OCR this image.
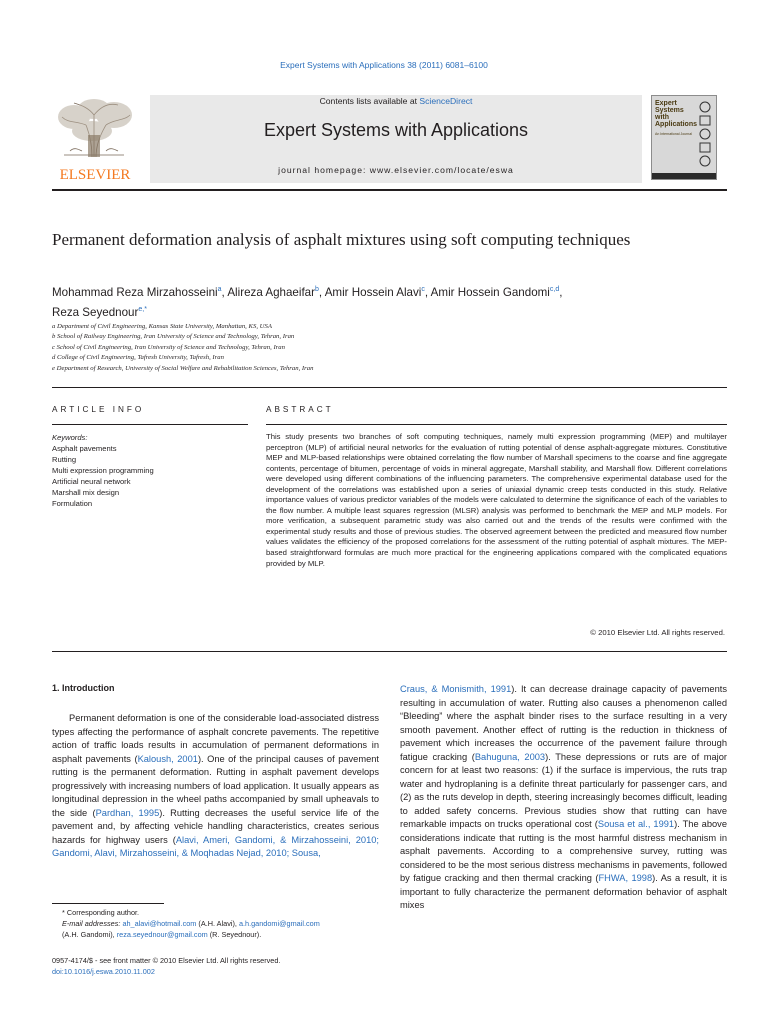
Expert Systems with Applications 38 (2011) 6081–6100
ELSEVIER
Contents lists available at ScienceDirect
Expert Systems with Applications
journal homepage: www.elsevier.com/locate/eswa
Expert Systems with Applications
An International Journal
Permanent deformation analysis of asphalt mixtures using soft computing techniques
Mohammad Reza Mirzahosseini$^a$, Alireza Aghaeifar$^b$, Amir Hossein Alavi$^c$, Amir Hossein Gandomi$^{c,d}$,
Reza Seyednour$^{e,*}$
a Department of Civil Engineering, Kansas State University, Manhattan, KS, USA
b School of Railway Engineering, Iran University of Science and Technology, Tehran, Iran
c School of Civil Engineering, Iran University of Science and Technology, Tehran, Iran
d College of Civil Engineering, Tafresh University, Tafresh, Iran
e Department of Research, University of Social Welfare and Rehabilitation Sciences, Tehran, Iran
ARTICLE INFO	ABSTRACT
Keywords:
Asphalt pavements
Rutting
Multi expression programming
Artificial neural network
Marshall mix design
Formulation
This study presents two branches of soft computing techniques, namely multi expression programming (MEP) and multilayer perceptron (MLP) of artificial neural networks for the evaluation of rutting potential of dense asphalt-aggregate mixtures. Constitutive MEP and MLP-based relationships were obtained correlating the flow number of Marshall specimens to the coarse and fine aggregate contents, percentage of bitumen, percentage of voids in mineral aggregate, Marshall stability, and Marshall flow. Different correlations were developed using different combinations of the influencing parameters. The comprehensive experimental database used for the development of the correlations was established upon a series of uniaxial dynamic creep tests conducted in this study. Relative importance values of various predictor variables of the models were calculated to determine the significance of each of the variables to the flow number. A multiple least squares regression (MLSR) analysis was performed to benchmark the MEP and MLP models. For more verification, a subsequent parametric study was also carried out and the trends of the results were confirmed with the experimental study results and those of previous studies. The observed agreement between the predicted and measured flow number values validates the efficiency of the proposed correlations for the assessment of the rutting potential of asphalt mixtures. The MEP-based straightforward formulas are much more practical for the engineering applications compared with the complicated equations provided by MLP.
© 2010 Elsevier Ltd. All rights reserved.
1. Introduction
Permanent deformation is one of the considerable load-associated distress types affecting the performance of asphalt concrete pavements. The repetitive action of traffic loads results in accumulation of permanent deformations in asphalt pavements (Kaloush, 2001). One of the principal causes of pavement rutting is the permanent deformation. Rutting in asphalt pavement develops progressively with increasing numbers of load application. It usually appears as longitudinal depression in the wheel paths accompanied by small upheavals to the side (Pardhan, 1995). Rutting decreases the useful service life of the pavement and, by affecting vehicle handling characteristics, creates serious hazards for highway users (Alavi, Ameri, Gandomi, & Mirzahosseini, 2010; Gandomi, Alavi, Mirzahosseini, & Moqhadas Nejad, 2010; Sousa,
Craus, & Monismith, 1991). It can decrease drainage capacity of pavements resulting in accumulation of water. Rutting also causes a phenomenon called “Bleeding” where the asphalt binder rises to the surface resulting in a very smooth pavement. Another effect of rutting is the reduction in thickness of pavement which increases the occurrence of the pavement failure through fatigue cracking (Bahuguna, 2003). These depressions or ruts are of major concern for at least two reasons: (1) if the surface is impervious, the ruts trap water and hydroplaning is a definite threat particularly for passenger cars, and (2) as the ruts develop in depth, steering increasingly becomes difficult, leading to added safety concerns. Previous studies show that rutting can have remarkable impacts on trucks operational cost (Sousa et al., 1991). The above considerations indicate that rutting is the most harmful distress mechanism in asphalt pavements. According to a comprehensive survey, rutting was considered to be the most serious distress mechanisms in pavements, followed by fatigue cracking and then thermal cracking (FHWA, 1998). As a result, it is important to fully characterize the permanent deformation behavior of asphalt mixes
* Corresponding author.
E-mail addresses: ah_alavi@hotmail.com (A.H. Alavi), a.h.gandomi@gmail.com
(A.H. Gandomi), reza.seyednour@gmail.com (R. Seyednour).
0957-4174/$ - see front matter © 2010 Elsevier Ltd. All rights reserved.
doi:10.1016/j.eswa.2010.11.002
